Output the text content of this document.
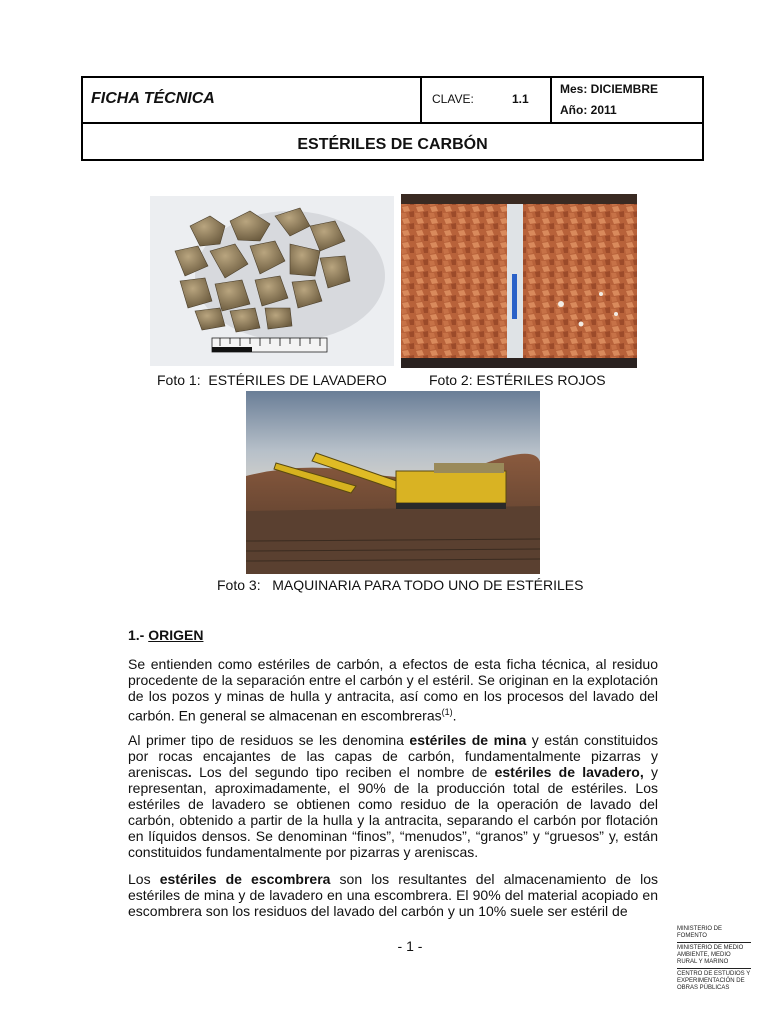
FICHA TÉCNICA	CLAVE:	1.1
Mes: DICIEMBRE
Año: 2011
ESTÉRILES DE CARBÓN
Foto 1:  ESTÉRILES DE LAVADERO	Foto 2: ESTÉRILES ROJOS
Foto 3:   MAQUINARIA PARA TODO UNO DE ESTÉRILES
1.- ORIGEN
Se entienden como estériles de carbón, a efectos de esta ficha técnica, al residuo procedente de la separación entre el carbón y el estéril. Se originan en la explotación de los pozos y minas de hulla y antracita, así como en los procesos del lavado del carbón. En general se almacenan en escombreras$^{(1)}$.
Al primer tipo de residuos se les denomina estériles de mina y están constituidos por rocas encajantes de las capas de carbón, fundamentalmente pizarras y areniscas. Los del segundo tipo reciben el nombre de estériles de lavadero, y representan, aproximadamente, el 90% de la producción total de estériles. Los estériles de lavadero se obtienen como residuo de la operación de lavado del carbón, obtenido a partir de la hulla y la antracita, separando el carbón por flotación en líquidos densos. Se denominan “finos”, “menudos”, “granos” y “gruesos” y, están constituidos fundamentalmente por pizarras y areniscas.
Los estériles de escombrera son los resultantes del almacenamiento de los estériles de mina y de lavadero en una escombrera. El 90% del material acopiado en escombrera son los residuos del lavado del carbón y un 10% suele ser estéril de
- 1 -
MINISTERIO DE FOMENTO
MINISTERIO DE MEDIO AMBIENTE, MEDIO RURAL Y MARINO
CENTRO DE ESTUDIOS Y EXPERIMENTACIÓN DE OBRAS PÚBLICAS
